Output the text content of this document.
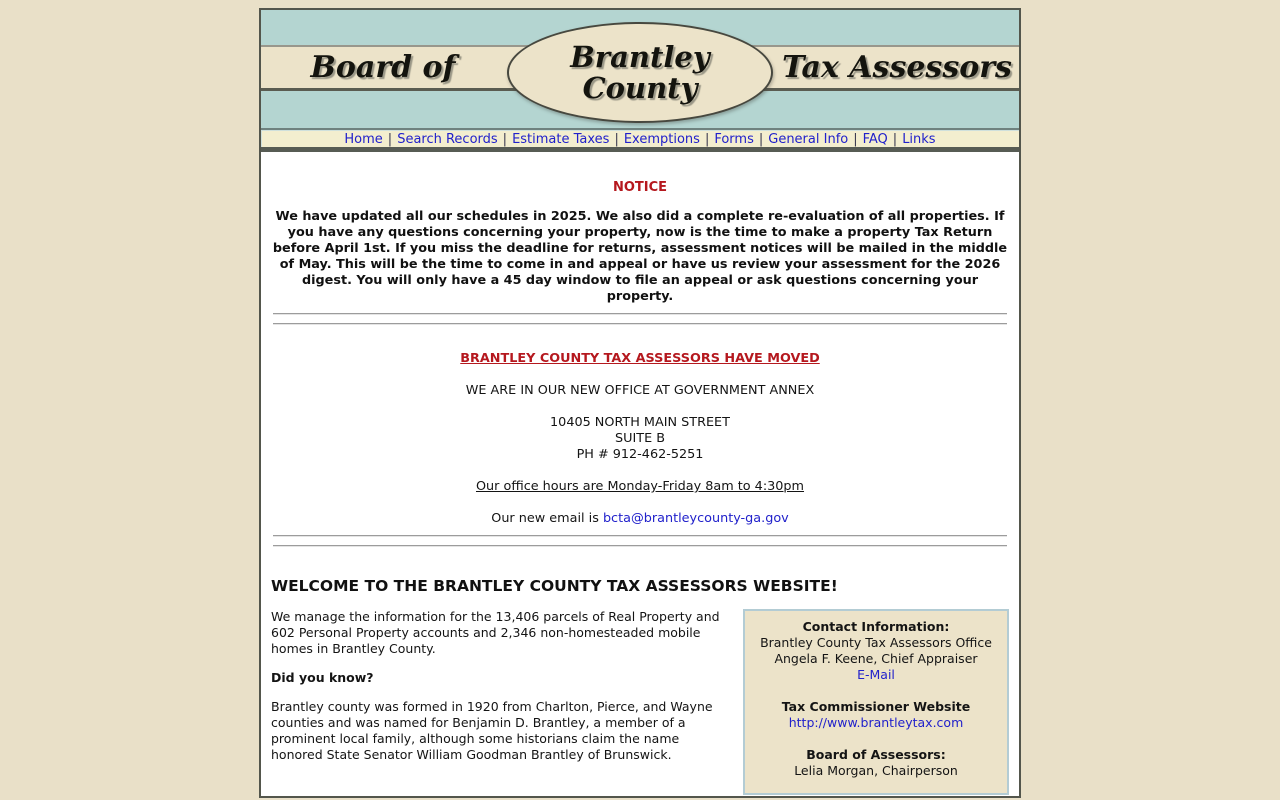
Board of	Tax Assessors
Brantley
County
Home | Search Records | Estimate Taxes | Exemptions | Forms | General Info | FAQ | Links
NOTICE
We have updated all our schedules in 2025. We also did a complete re-evaluation of all properties. If you have any questions concerning your property, now is the time to make a property Tax Return before April 1st. If you miss the deadline for returns, assessment notices will be mailed in the middle of May. This will be the time to come in and appeal or have us review your assessment for the 2026 digest. You will only have a 45 day window to file an appeal or ask questions concerning your property.
BRANTLEY COUNTY TAX ASSESSORS HAVE MOVED
WE ARE IN OUR NEW OFFICE AT GOVERNMENT ANNEX
10405 NORTH MAIN STREET
SUITE B
PH # 912-462-5251
Our office hours are Monday-Friday 8am to 4:30pm
Our new email is bcta@brantleycounty-ga.gov
WELCOME TO THE BRANTLEY COUNTY TAX ASSESSORS WEBSITE!

We manage the information for the 13,406 parcels of Real Property and 602 Personal Property accounts and 2,346 non-homesteaded mobile homes in Brantley County.

Did you know?

Brantley county was formed in 1920 from Charlton, Pierce, and Wayne counties and was named for Benjamin D. Brantley, a member of a prominent local family, although some historians claim the name honored State Senator William Goodman Brantley of Brunswick.

Contact Information:
Brantley County Tax Assessors Office
Angela F. Keene, Chief Appraiser
E-Mail
Tax Commissioner Website
http://www.brantleytax.com
Board of Assessors:
Lelia Morgan, Chairperson
